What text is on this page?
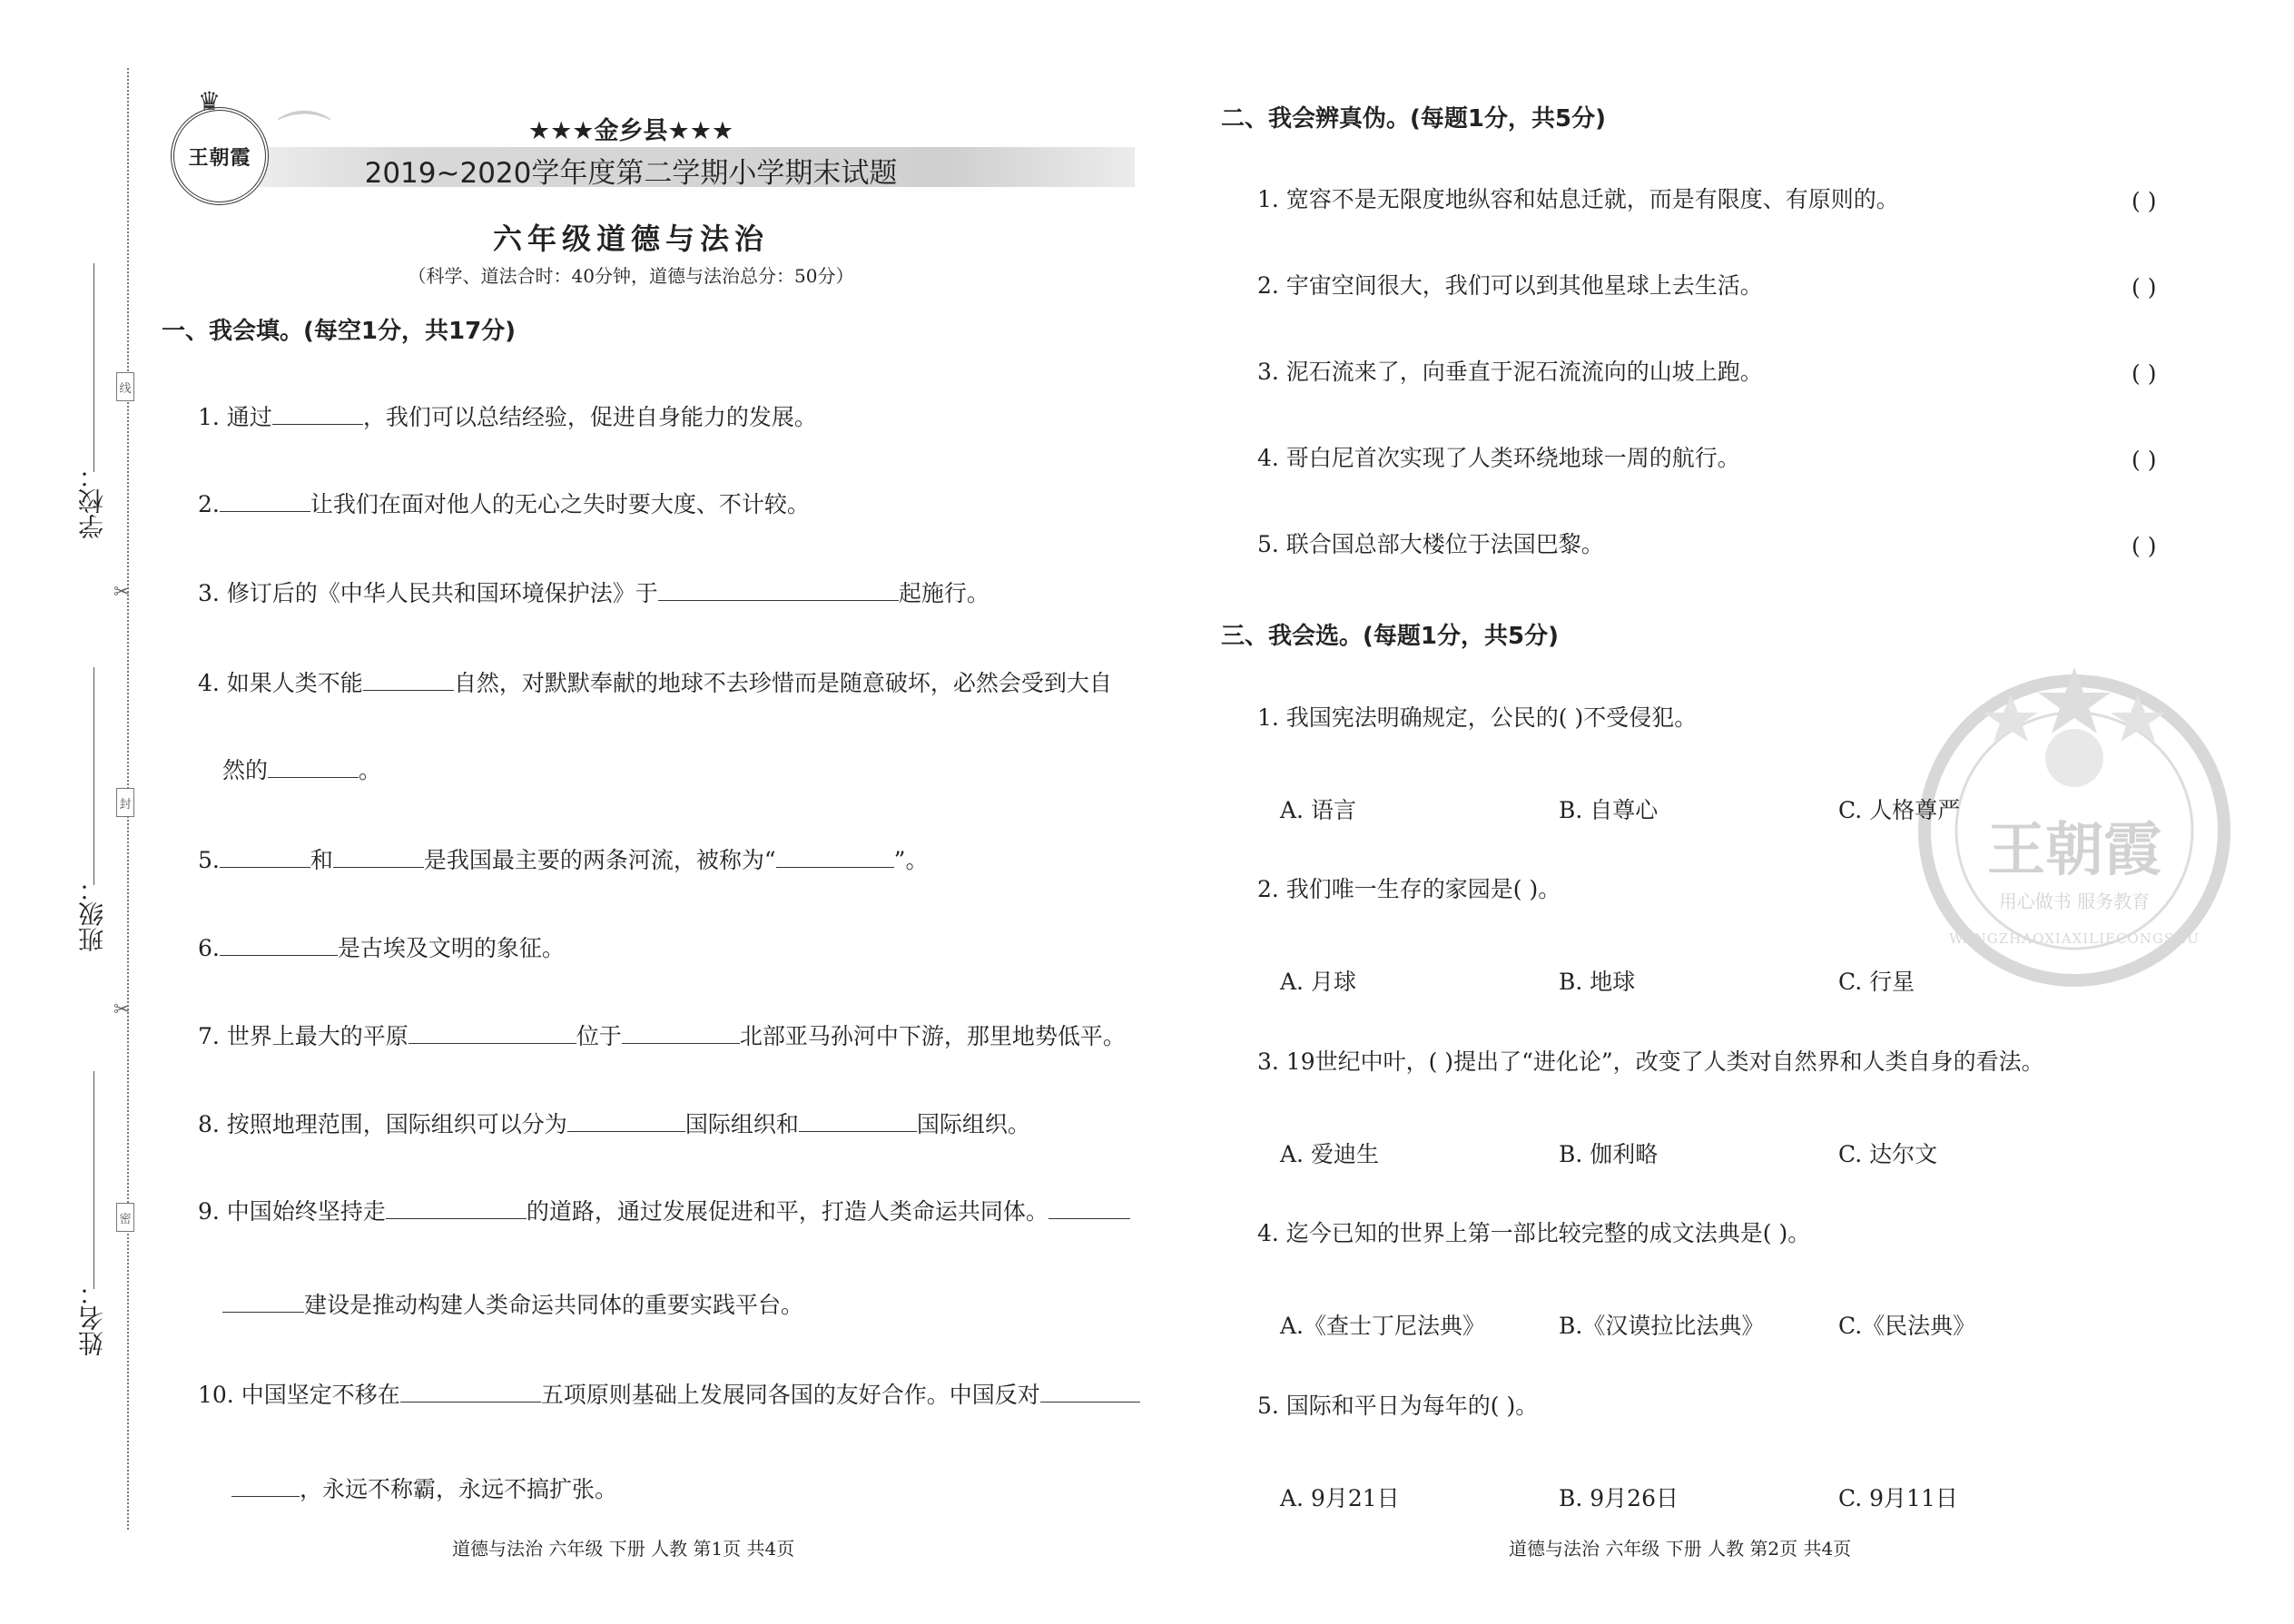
学校：
班级：
姓名：
线
封
密
✂
✂
⌒
王朝霞
♛
★★★金乡县★★★
2019~2020学年度第二学期小学期末试题
六年级道德与法治
（科学、道法合时：40分钟，道德与法治总分：50分）
一、我会填。(每空1分，共17分)
1. 通过	，我们可以总结经验，促进自身能力的发展。
2.	让我们在面对他人的无心之失时要大度、不计较。
3. 修订后的《中华人民共和国环境保护法》于	起施行。
4. 如果人类不能	自然，对默默奉献的地球不去珍惜而是随意破坏，必然会受到大自
然的	。
5.	和	是我国最主要的两条河流，被称为“	”。
6.	是古埃及文明的象征。
7. 世界上最大的平原	位于	北部亚马孙河中下游，那里地势低平。
8. 按照地理范围，国际组织可以分为	国际组织和	国际组织。
9. 中国始终坚持走	的道路，通过发展促进和平，打造人类命运共同体。
建设是推动构建人类命运共同体的重要实践平台。
10. 中国坚定不移在	五项原则基础上发展同各国的友好合作。中国反对
，永远不称霸，永远不搞扩张。
王朝霞
用心做书 服务教育
WANGZHAOXIAXILIECONGSHU
二、我会辨真伪。(每题1分，共5分)
1. 宽容不是无限度地纵容和姑息迁就，而是有限度、有原则的。	( )
2. 宇宙空间很大，我们可以到其他星球上去生活。	( )
3. 泥石流来了，向垂直于泥石流流向的山坡上跑。	( )
4. 哥白尼首次实现了人类环绕地球一周的航行。	( )
5. 联合国总部大楼位于法国巴黎。	( )
三、我会选。(每题1分，共5分)
1. 我国宪法明确规定，公民的( )不受侵犯。
A. 语言	B. 自尊心	C. 人格尊严
2. 我们唯一生存的家园是( )。
A. 月球	B. 地球	C. 行星
3. 19世纪中叶，( )提出了“进化论”，改变了人类对自然界和人类自身的看法。
A. 爱迪生	B. 伽利略	C. 达尔文
4. 迄今已知的世界上第一部比较完整的成文法典是( )。
A.《查士丁尼法典》	B.《汉谟拉比法典》	C.《民法典》
5. 国际和平日为每年的( )。
A. 9月21日	B. 9月26日	C. 9月11日
道德与法治 六年级 下册 人教 第1页 共4页	道德与法治 六年级 下册 人教 第2页 共4页
